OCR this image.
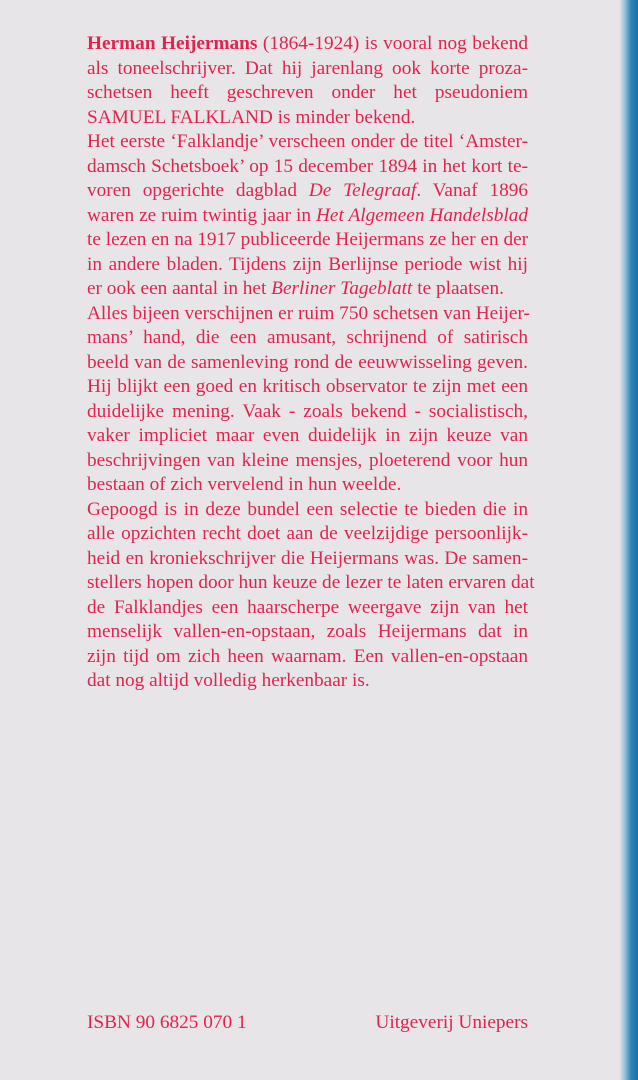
Herman Heijermans (1864-1924) is vooral nog bekend
als toneelschrijver. Dat hij jarenlang ook korte proza-
schetsen heeft geschreven onder het pseudoniem
SAMUEL FALKLAND is minder bekend.
Het eerste ‘Falklandje’ verscheen onder de titel ‘Amster-
damsch Schetsboek’ op 15 december 1894 in het kort te-
voren opgerichte dagblad De Telegraaf. Vanaf 1896
waren ze ruim twintig jaar in Het Algemeen Handelsblad
te lezen en na 1917 publiceerde Heijermans ze her en der
in andere bladen. Tijdens zijn Berlijnse periode wist hij
er ook een aantal in het Berliner Tageblatt te plaatsen.
Alles bijeen verschijnen er ruim 750 schetsen van Heijer-
mans’ hand, die een amusant, schrijnend of satirisch
beeld van de samenleving rond de eeuwwisseling geven.
Hij blijkt een goed en kritisch observator te zijn met een
duidelijke mening. Vaak - zoals bekend - socialistisch,
vaker impliciet maar even duidelijk in zijn keuze van
beschrijvingen van kleine mensjes, ploeterend voor hun
bestaan of zich vervelend in hun weelde.
Gepoogd is in deze bundel een selectie te bieden die in
alle opzichten recht doet aan de veelzijdige persoonlijk-
heid en kroniekschrijver die Heijermans was. De samen-
stellers hopen door hun keuze de lezer te laten ervaren dat
de Falklandjes een haarscherpe weergave zijn van het
menselijk vallen-en-opstaan, zoals Heijermans dat in
zijn tijd om zich heen waarnam. Een vallen-en-opstaan
dat nog altijd volledig herkenbaar is.
ISBN 90 6825 070 1	Uitgeverij Uniepers
